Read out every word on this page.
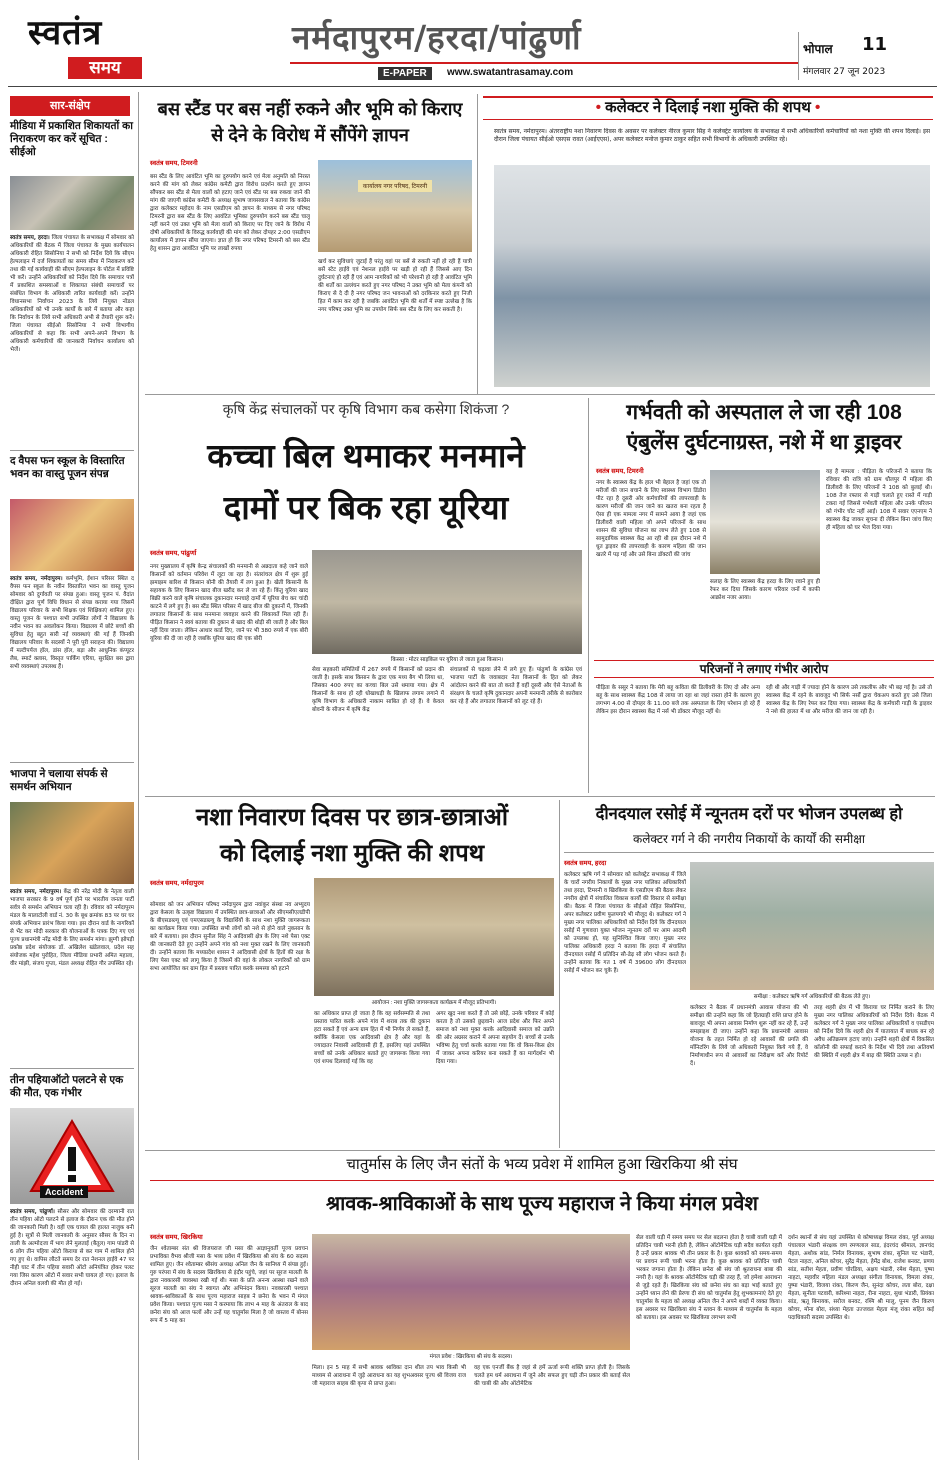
स्वतंत्र
समय
नर्मदापुरम/हरदा/पांढुर्णा
E-PAPER	www.swatantrasamay.com
भोपाल 11
मंगलवार 27 जून 2023
सार-संक्षेप
मीडिया में प्रकाशित शिकायतों का निराकरण कर करें सूचित : सीईओ
स्वतंत्र समय, हरदा। जिला पंचायत के सभाकक्ष में सोमवार को अधिकारियों की बैठक में जिला पंचायत के मुख्य कार्यपालन अधिकारी रोहित सिसोनिया ने सभी को निर्देश दिये कि सीएम हेल्पलाइन में दर्ज शिकायतों का समय सीमा में निराकरण करें तथा की गई कार्यवाही की सीएम हेल्पलाइन के पोर्टल में प्रविष्टि भी करें। उन्होंने अधिकारियों को निर्देश दिये कि समाचार पत्रों में प्रकाशित समस्याओं व शिकायत संबंधी समाचारों पर संबंधित विभाग के अधिकारी त्वरित कार्यवाही करें। उन्होंने विधानसभा निर्वाचन 2023 के लिये नियुक्त नोडल अधिकारियों को भी उनके कार्यों के बारे में बताया और कहा कि निर्वाचन के लिये सभी अधिकारी अभी से तैयारी शुरू करें। जिला पंचायत सीईओ सिसोनिया ने सभी विभागीय अधिकारियों से कहा कि सभी अपने-अपने विभाग के अधिकारी कर्मचारियों की जानकारी निर्वाचन कार्यालय को भेजें।
द वैपस फन स्कूल के विस्तारित भवन का वास्तु पूजन संपन्न
स्वतंत्र समय, नर्मदापुरम। कर्मभूमि, ईशान परिसर स्थित द वैपस फन स्कूल के नवीन विस्तारित भवन का वास्तु पूजन सोमवार को दुर्गावती पर संपन्न हुआ। वास्तु पूजन पं. वैदांत दीक्षित द्वारा पूर्ण विधि विधान से संपन्न कराया गया जिसमें विद्यालय परिवार के सभी शिक्षक एवं शिक्षिकाएं शामिल हुए। वास्तु पूजन के पश्चात सभी उपस्थित लोगों ने विद्यालय के नवीन भवन का अवलोकन किया। विद्यालय में छोटे बच्चों की सुविधा हेतु बहुत सारी नई व्यवस्थाएं की गई हैं जिनकी विद्यालय परिवार के सदस्यों ने पूरी पूरी सराहना की। विद्यालय में मल्टीपर्पज हॉल, डांस हॉल, बड़ा और आधुनिक कंप्यूटर लैब, स्मार्ट क्लास, विस्तृत पार्किंग एरिया, सुरक्षित बस द्वारा सभी व्यवस्थाएं उपलब्ध हैं।
भाजपा ने चलाया संपर्क से समर्थन अभियान
स्वतंत्र समय, नर्मदापुरम। केंद्र की नरेंद्र मोदी के नेतृत्व वाली भाजपा सरकार के 9 वर्ष पूर्ण होने पर भारतीय जनता पार्टी सर्वत्र से समर्थन अभियान चला रही है। रविवार को नर्मदापुरम मंडल के मालाटोली वार्ड नं. 30 के बूथ क्रमांक 83 पर घर घर संपर्क अभियान प्रारंभ किया गया। इस दौरान वार्ड के नागरिकों से भेंट कर मोदी सरकार की योजनाओं के पत्रक दिए गए एवं पूज्य प्रधानमंत्री नरेंद्र मोदी के लिए समर्थन मांगा। झुग्गी झोपड़ी प्रकोष्ठ प्रदेश संयोजक डॉ. अखिलेश खंडेलवाल, प्रदेश सह संयोजक महेश पुरोहित, जिला मीडिया प्रभारी अमित महाला, वीर मांझी, संजय गुप्ता, मंडल अध्यक्ष रोहित गौर उपस्थित रहे।
तीन पहियाऑटो पलटने से एक की मौत, एक गंभीर
Accident
स्वतंत्र समय, पांढुर्णा। सौसर और सोमवार की दरम्यानी रात तीन पहिया ऑटो पलटने से इलाज के दौरान एक की मौत होने की जानकारी मिली है। वहीं एक घायल की हालत नाजुक बनी हुई है। सूत्रों से मिली जानकारी के अनुसार सौसर के दिन ना ताली के अल्मोदजा में भाग लेने मुलताई (बैतूल) गाम पांडरी से 6 लोग तीन पहिया ऑटो किराया से कर गाम में शामिल होने गए हुए थे। वापिस लौटते समय देर रात नेशनल हाईवे 47 पर नीही घाट में तीन पहिया सवारी ऑटो अनियंत्रित होकर पलट गया जिस कारण ऑटो में सवार सभी घायल हो गए। इलाज के दौरान अनिल वलवी की मौत हो गई।
बस स्टैंड पर बस नहीं रुकने और भूमि को किराए से देने के विरोध में सौंपेंगे ज्ञापन
स्वतंत्र समय, टिमरनी
बस स्टैंड के लिए आवंटित भूमि का दुरुपयोग करने एवं मेला अनुमति को निरस्त करने की मांग को लेकर कांग्रेस कमेटी द्वारा विरोध प्रदर्शन करते हुए ज्ञापन सौंपकर बस स्टैंड से मेला वालों को हटाए जाने एवं स्टैंड पर बस रुकवा जाने की मांग की जाएगी कांग्रेस कमेटी के अध्यक्ष सुभाष जायसवाल ने बताया कि कांग्रेस द्वारा कलेक्टर महोदय के नाम एसडीएम को ज्ञापन के माध्यम से नगर परिषद टिमरनी द्वारा बस स्टैंड के लिए आवंटित भूमिका दुरुपयोग करने बस स्टैंड चालू नहीं करने एवं उक्त भूमि को मेला वालों को किराए पर दिए जाने के विरोध में दोषी अधिकारियों के विरुद्ध कार्यवाही की मांग को लेकर दोपहर 2:00 एसडीएम कार्यालय में ज्ञापन सौंपा जाएगा। ज्ञात हो कि नगर परिषद टिमरनी को बस स्टैंड हेतु शासन द्वारा आवंटित भूमि पर लाखों रुपया
कार्यालय नगर परिषद, टिमरनी
खर्च कर सुविधाएं जुटाई हैं परंतु वहां पर बसें से रुकती नहीं हो रही हैं यात्री बसें स्टेट हाईवे एवं नेशनल हाईवे पर खड़ी हो रही हैं जिससे आए दिन दुर्घटनाएं हो रही हैं एवं आम नागरिकों को भी परेशानी हो रही है आवंटित भूमि की शर्तों का उल्लंघन करते हुए नगर परिषद ने उक्त भूमि को मेला कंपनी को किराए से दे दी है नगर परिषद जन भावनाओं को दरकिनार करते हुए निजी हित में काम कर रही है जबकि आवंटित भूमि की शर्तों में स्पष्ट उल्लेख है कि नगर परिषद उक्त भूमि का उपयोग सिर्फ बस स्टैंड के लिए कर सकती है।
• कलेक्टर ने दिलाई नशा मुक्ति की शपथ •
स्वतंत्र समय, नर्मदापुरम। अंतरराष्ट्रीय नशा निवारण दिवस के अवसर पर कलेक्टर नीरज कुमार सिंह ने कलेक्ट्रेट कार्यालय के सभाकक्ष में सभी अधिकारियों कर्मचारियों को नशा मुक्ति की शपथ दिलाई। इस दौरान जिला पंचायत सीईओ एसएस रावत (आईएएस), अपर कलेक्टर मनोज कुमार ठाकुर सहित सभी विभागों के अधिकारी उपस्थित रहे।
कृषि केंद्र संचालकों पर कृषि विभाग कब कसेगा शिकंजा ?
कच्चा बिल थमाकर मनमाने
दामों पर बिक रहा यूरिया
स्वतंत्र समय, पांढुर्णा
नगर मुख्यालय में कृषि केन्द्र संचालकों की मनमानी से अन्नदाता कहे जाने वाले किसानों को वर्तमान परिवेश में लूटा जा रहा है। संतरांचल क्षेत्र में शुरू हुई झमाझम बारिश से किसान बोनी की तैयारी में लग हुआ है। खेती किसानी के सहायक के लिए किसान खाद बीज खरीद कर ले जा रहे हैं। किंतु यूरिया खाद बिक्री करने वाले कृषि संचालक दुकानदार मनचाहे दामों में यूरिया बेच कर चांदी काटने में लगे हुए हैं। बस स्टैंड स्थित परिसर में खाद बीज की दुकानों में, जिनकी लगातार किसानों के साथ मनमाना व्यवहार करने की शिकायतें मिल रही हैं। पीड़ित किसान ने स्वयं बताया की दुकान से खाद की थोड़ी सी जाती है और बिल नहीं दिया जाता। लेकिन आधार कार्ड दिए, जाने पर भी 380 रुपये में एक बोरी यूरिया की दी जा रही है जबकि यूरिया खाद की एक बोरी
किस्सा : मोटर साइकिल पर यूरिया ले जाता हुआ किसान।
सेवा सहकारी समितियों में 267 रुपये में किसानों को प्रदान की जाती है। इसके साथ किसान के द्वारा एक मध्य बैग भी लिया था, जिसका 400 रुपए का कच्चा बिल उसे थमाया गया। क्षेत्र में किसानों के साथ हो रही धोखाधड़ी के खिलाफ लगाम लगाने में कृषि विभाग के अधिकारी नाकाम साबित हो रहे हैं। वे केवल बोवनी के सीजन में कृषि केंद्र
संचालकों से चढ़ावा लेने में लगे हुए हैं। पांढुर्णा के कांग्रेस एवं भाजपा पार्टी के जवाबदार नेता किसानों के हित को लेकर आंदोलन करने की बात तो करते हैं वहीं दूसरी और ऐसे नेताओं के संरक्षण के चलते कृषि दुकानदार अपनी मनमानी तरीके से कारोबार कर रहे हैं और लगातार किसानों को लूट रहे हैं।
गर्भवती को अस्पताल ले जा रही 108
एंबुलेंस दुर्घटनाग्रस्त, नशे में था ड्राइवर
स्वतंत्र समय, टिमरनी
नगर के स्वास्थ्य केंद्र के हाल भी बेहाल है जहां एक तो मरीजों की जान बचाने के लिए स्वास्थ्य विभाग डिंडोरा पीट रहा है दूसरी ओर कर्मचारियों की लापरवाही के कारण मरीजों की जान जाने का खतरा बना रहता है ऐसा ही एक मामला नगर में सामने आया है जहां एक डिलीवरी वाली महिला जो अपने परिजनों के साथ शासन की सुविधा योजना का लाभ लेते हुए 108 से सामुदायिक स्वास्थ्य केंद्र आ रही थी इस दौरान नशे में धुत ड्राइवर की लापरवाही के कारण महिला की जान खतरे में पड़ गई और उसे बिना डॉक्टरों की जांच
सलाह के लिए स्वास्थ्य केंद्र हरदा के लिए रवाने हुए ही रेफर कर दिया जिसके कारण परिवार जनों में काफी आक्रोश नजर आया।
यह है मामला : पीड़िता के परिजनों ने बताया कि रविवार की रात्रि को ग्राम धौलपुर में महिला की डिलीवरी के लिए परिजनों ने 108 को बुलाई थी। 108 तेज रफ्तार से गाड़ी चलाते हुए रास्ते में गाड़ी टकरा गई जिससे गर्भवती महिला और उनके परिजन को गंभीर चोट नहीं आई। 108 में सवार एएनएम ने स्वास्थ्य केंद्र जाकर सूचना दी लेकिन बिना जांच किए ही महिला को घर भेज दिया गया।
परिजनों ने लगाए गंभीर आरोप
पीड़िता के ससुर ने बताया कि मेरी बहू कविता की डिलीवरी के लिए दो और अन्य बहू के साथ स्वास्थ्य केंद्र 108 से लाया जा रहा था जहां रास्ता होने के कारण हुए लगभग 4.00 से दोपहर के 11.00 बजे तक अस्पताल के लिए परेशान हो रहे हैं लेकिन इस दौरान स्वास्थ्य केंद्र में नर्स भी डॉक्टर मौजूद नहीं थे।
रही थी और गाड़ी में ज्यादा होने के कारण उसे तकलीफ और भी बढ़ गई है। उसे तो स्वास्थ्य केंद्र में रहने के बावजूद भी सिर्फ नर्सों द्वारा चेकअप करते हुए उसे जिला स्वास्थ्य केंद्र के लिए रेफर कर दिया गया। स्वास्थ्य केंद्र के कर्मचारी गाड़ी के ड्राइवर ने नशे की हालत में था और मरीज की जान जा रही है।
नशा निवारण दिवस पर छात्र-छात्राओं
को दिलाई नशा मुक्ति की शपथ
स्वतंत्र समय, नर्मदापुरम
सोमवार को जन अभियान परिषद नर्मदापुरम द्वारा नवांकुर संस्था नव अभ्युदय द्वारा केसला के उत्कृष्ट विद्यालय में उपस्थित छात्र-छात्राओं और सीएमसीएलडीपी के बीएसडब्ल्यू एवं एमएसडब्ल्यू के विद्यार्थियों के साथ नशा मुक्ति जागरूकता का कार्यक्रम किया गया। उपस्थित सभी लोगों को नशे से होने वाले नुकसान के बारे में बताया। इस दौरान सुनील सिंह ने आदिवासी क्षेत्र के लिए नशे पेसा एक्ट की जानकारी देते हुए उन्होंने अपने गांव को नशा मुक्त रखने के लिए जानकारी दी। उन्होंने बताया कि मध्यप्रदेश शासन ने आदिवासी क्षेत्रों के हितों की रक्षा के लिए पेसा एक्ट को लागू किया है जिसमें की वहां के लोकल नागरिकों को ग्राम सभा आयोजित कर ग्राम हित में प्रस्ताव पारित करके समस्या को हटाने
आयोजन : नशा मुक्ति जागरूकता कार्यक्रम में मौजूद प्रतिभागी।
का अधिकार प्राप्त हो जाता है कि वह सर्वसम्मति से तथा प्रस्ताव पारित करके अपने गांव में शराब तक की दुकान हटा सकते हैं एवं अन्य ग्राम हित में भी निर्णय ले सकते हैं, क्योंकि केसला एक आदिवासी क्षेत्र है और यहां के ज्यादातर निवासी आदिवासी ही हैं, इसलिए यहां उपस्थित बच्चों को उनके अधिकार बताते हुए जागरूक किया गया एवं शपथ दिलवाई गई कि वह
अगर खुद नशा करते हैं तो उसे छोड़ें, उनके परिवार में कोई करता है तो उसको छुड़वाने। आज प्रदेश और फिर अपने समाज को नशा मुक्त करके आदिवासी समाज को उन्नति की ओर अग्रसर कराने में अपना सहयोग दें। बच्चों से उनके भविष्य हेतु चर्चा करके बताया गया कि वो किस-किस क्षेत्र में जाकर अपना करियर बना सकते हैं का मार्गदर्शन भी दिया गया।
दीनदयाल रसोई में न्यूनतम दरों पर भोजन उपलब्ध हो
कलेक्टर गर्ग ने की नगरीय निकायों के कार्यों की समीक्षा
स्वतंत्र समय, हरदा
कलेक्टर ऋषि गर्ग ने सोमवार को कलेक्ट्रेट सभाकक्ष में जिले के चारों नगरीय निकायों के मुख्य नगर पालिका अधिकारियों तथा हरदा, टिमरनी व खिरकिया के एसडीएम की बैठक लेकर नगरीय क्षेत्रों में संचालित विकास कार्यों की विस्तार से समीक्षा की। बैठक में जिला पंचायत के सीईओ रोहित सिसोनिया, अपर कलेक्टर प्रवीण फुलपगारे भी मौजूद थे। कलेक्टर गर्ग ने मुख्य नगर पालिका अधिकारियों को निर्देश दिये कि दीनदयाल रसोई में गुणवत्ता युक्त भोजन न्यूनतम दरों पर आम आदमी को उपलब्ध हो, यह सुनिश्चित किया जाए। मुख्य नगर पालिका अधिकारी हरदा ने बताया कि हरदा में संचालित दीनदयाल रसोई में प्रतिदिन सौ-डेढ़ सौ लोग भोजन करते हैं। उन्होंने बताया कि गत 1 वर्ष में 39600 लोग दीनदयाल रसोई में भोजन कर चुके हैं।
समीक्षा : कलेक्टर ऋषि गर्ग अधिकारियों की बैठक लेते हुए।
कलेक्टर ने बैठक में प्रधानमंत्री आवास योजना की भी समीक्षा की उन्होंने कहा कि जो हितग्राही राशि प्राप्त होने के बावजूद भी अपना आवास निर्माण शुरू नहीं कर रहे हैं, उन्हें समझाइश दी जाए। उन्होंने कहा कि प्रधानमंत्री आवास योजना के तहत निर्मित हो रहे आवासों की प्रगति की मॉनिटरिंग के लिये जो अधिकारी नियुक्त किये गये हैं, वे निर्माणाधीन रूप से आवासों का निरीक्षण करें और रिपोर्ट दें।
तरह शहरी क्षेत्र में भी किराया घर निर्मित कराने के लिए मुख्य नगर पालिका अधिकारियों को निर्देश दिये। बैठक में कलेक्टर गर्ग ने मुख्य नगर पालिका अधिकारियों व एसडीएम को निर्देश दिये कि शहरी क्षेत्र में यातायात में बाधक बन रहे अवैध अतिक्रमण हटाए जाएं। उन्होंने शहरी क्षेत्रों में विकसित कॉलोनी की सफाई कराने के निर्देश भी दिये तथा अतिवर्षा की स्थिति में शहरी क्षेत्र में बाढ़ की स्थिति उत्पन्न न हो।
चातुर्मास के लिए जैन संतों के भव्य प्रवेश में शामिल हुआ खिरकिया श्री संघ
श्रावक-श्राविकाओं के साथ पूज्य महाराज ने किया मंगल प्रवेश
स्वतंत्र समय, खिरकिया
जैन श्वेताम्बर संत श्री विजयराज जी मसा की आज्ञानुवर्ती पूज्य प्रवचन प्रभाविका वैभव श्रीजी मसा के भव्य प्रवेश में खिरकिया श्री संघ के 60 सदस्य शामिल हुए। जैन श्वेताम्बर श्रीसंघ अध्यक्ष अनिल जैन के सानिध्य में संपन्न हुई। गुरु परंपरा में संघ के सदस्य खिरकिया से इंदौर पहुंचे, जहां पर सूरज मालती के द्वारा नवकारसी व्यवस्था रखी गई थी। मसा के प्रति अनन्य आस्था रखने वाले सूरज मालती का संघ ने स्वागत और अभिनंदन किया। नवकारसी पश्चात श्रावक-श्राविकाओं के साथ पूज्य महाराज साहब ने छनेरा के भवन में मंगल प्रवेश किया। पश्चात पूज्य मसा ने करमाया कि लाभ 4 माह के अंतराल के बाद छनेरा संघ को आज फलों और उन्हें यह चातुर्मास मिला है जो वास्तव में बोनस रूप में 5 माह का
मंगल प्रवेश : खिरकिया श्री संघ के सदस्य।
मिला। इन 5 माह में सभी श्रावक श्राविका दान शील तप भाव किसी भी माध्यम से आराधना में जुड़े आराधना का यह शुभअवसर पूज्य श्री विजय राज जी महाराज साहब की कृपा से प्राप्त हुआ।
वह एक एनर्जी बैंक है जहां से हमें ऊर्जा रूपी शक्ति प्राप्त होती है। जिसके चलते हम धर्म आराधना में जुने और सफल हुए घड़ी तीन प्रकार की बताई सेल की चाबी की और ऑटोमेटिक
सेल वाली घड़ी में समय समय पर सेल बदलना होता है चाबी वाली घड़ी में प्रतिदिन चाबी भरनी होती है, लेकिन ऑटोमेटिक घड़ी सदैव कार्यरत रहती है उन्हें प्रकार श्रावक भी तीन प्रकार के है। कुछ श्रावकों को समय-समय पर प्रवचन रूपी चाबी भरना होता है। कुछ श्रावक को प्रतिदिन चाबी भरकर जगाना होता है। लेकिन छनेरा श्री संघ जो श्रुतराधना बाबा की नगरी है। यहां के श्रावक ऑटोमेटिक घड़ी की तरह हैं, जो हमेशा आराधना से जुड़े रहते हैं। खिरकिया संघ को छनेरा संघ का बड़ा भाई बताते हुए उन्होंने ध्यान लेने की प्रेरणा दी संघ को चातुर्मास हेतु शुभकामनाएं देते हुए चातुर्मास के महत्व को अध्यक्ष अनिल जैन ने अपने शब्दों में व्यक्त किया। इस अवसर पर खिरकिया संघ ने स्तवन के माध्यम से चातुर्मास के महत्व को बताया। इस अवसर पर खिरकिया लगभग सभी
दर्शन स्थानों से संघ यहां उपस्थित थे कोषाध्यक्ष विमल रांका, पूर्व अध्यक्ष पंचालाल भंडारी संरक्षक वण रमणलाल साड, इंदरचंद श्रीमाल, ज्ञानचंद मेहता, अशोक सांड, निर्मल विनायक, सुभाष रांका, सुनिल पट भंडारी, पेटल नाहटा, अनिल कोचर, सुरेंद्र मेहता, हेमेंद्र बोथ, राजेश बनवट, प्रणय सांड, सतीश मेहता, प्रवीण चोरडिया, अक्षय भंडारी, रमेश मेहता, पुष्पा नाहटा, महावीर महिला मंडल अध्यक्षा संगीता विनायक, विमला रांका, पुष्पा भंडारी, विजया रांका, किरण जैन, सुनंदा कोचर, लता बोरा, दक्षा मेहता, सुनीता पटवारी, करिश्मा नाहटा, रीना नाहटा, सुधा भंडारी, प्रियंका सांड, ऋतू बिनायक, सरोज बनवट, रश्मि श्री मालू, पूनम जैन किरण कोचर, मोना बोरा, संध्या मेहता उज्जवल मेहता मंजू रांका सहित कई पदाधिकारी सदस्य उपस्थित थे।
